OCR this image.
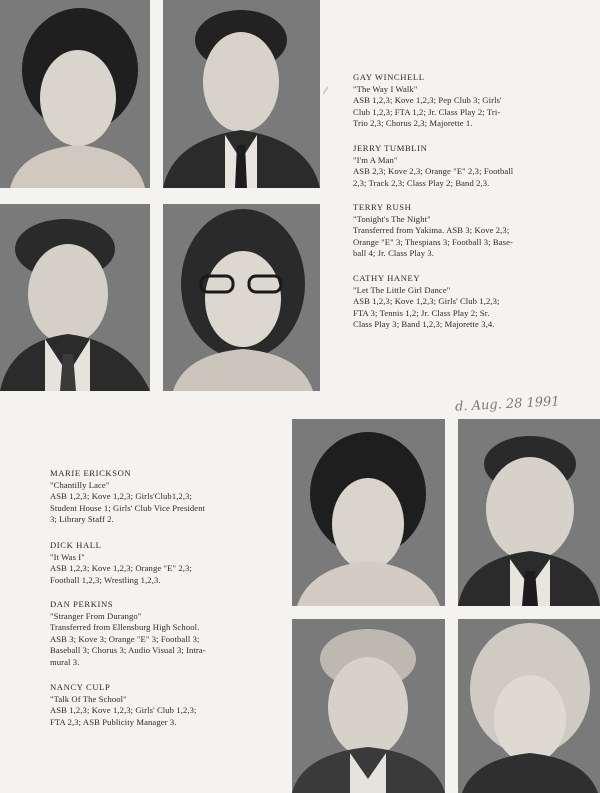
~
GAY WINCHELL
"The Way I Walk"
ASB 1,2,3; Kove 1,2,3; Pep Club 3; Girls'
Club 1,2,3; FTA 1,2; Jr. Class Play 2; Tri-
Trio 2,3; Chorus 2,3; Majorette 1.
JERRY TUMBLIN
"I'm A Man"
ASB 2,3; Kove 2,3; Orange "E" 2,3; Football
2,3; Track 2,3; Class Play 2; Band 2,3.
TERRY RUSH
"Tonight's The Night"
Transferred from Yakima. ASB 3; Kove 2,3;
Orange "E" 3; Thespians 3; Football 3; Base-
ball 4; Jr. Class Play 3.
CATHY HANEY
"Let The Little Girl Dance"
ASB 1,2,3; Kove 1,2,3; Girls' Club 1,2,3;
FTA 3; Tennis 1,2; Jr. Class Play 2; Sr.
Class Play 3; Band 1,2,3; Majorette 3,4.
d. Aug. 28 1991
MARIE ERICKSON
"Chantilly Lace"
ASB 1,2,3; Kove 1,2,3; Girls'Club1,2,3;
Student House 1; Girls' Club Vice President
3; Library Staff 2.
DICK HALL
"It Was I"
ASB 1,2,3; Kove 1,2,3; Orange "E" 2,3;
Football 1,2,3; Wrestling 1,2,3.
DAN PERKINS
"Stranger From Durango"
Transferred from Ellensburg High School.
ASB 3; Kove 3; Orange "E" 3; Football 3;
Baseball 3; Chorus 3; Audio Visual 3; Intra-
mural 3.
NANCY CULP
"Talk Of The School"
ASB 1,2,3; Kove 1,2,3; Girls' Club 1,2,3;
FTA 2,3; ASB Publicity Manager 3.
